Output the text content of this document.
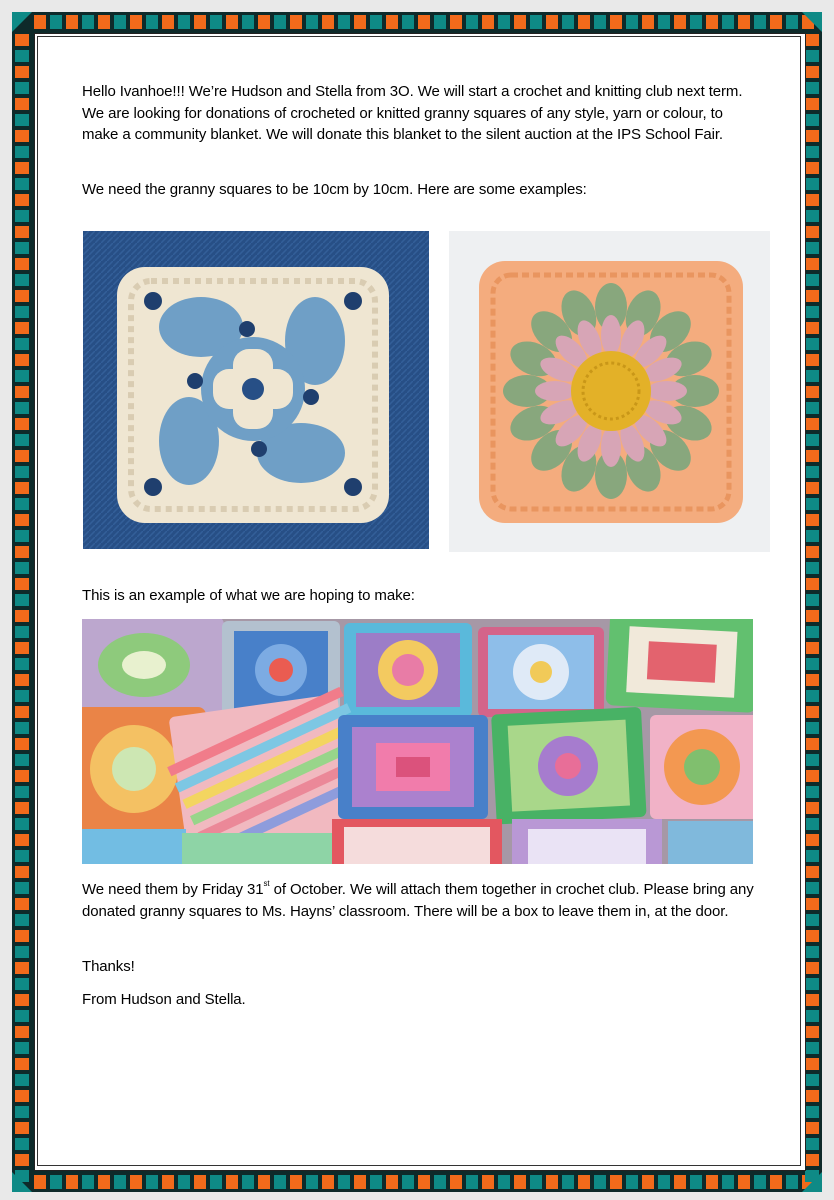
Hello Ivanhoe!!! We’re Hudson and Stella from 3O. We will start a crochet and knitting club next term. We are looking for donations of crocheted or knitted granny squares of any style, yarn or colour, to make a community blanket. We will donate this blanket to the silent auction at the IPS School Fair.

We need the granny squares to be 10cm by 10cm. Here are some examples:

This is an example of what we are hoping to make:

We need them by Friday 31st of October. We will attach them together in crochet club. Please bring any donated granny squares to Ms. Hayns’ classroom. There will be a box to leave them in, at the door.

Thanks!

From Hudson and Stella.
